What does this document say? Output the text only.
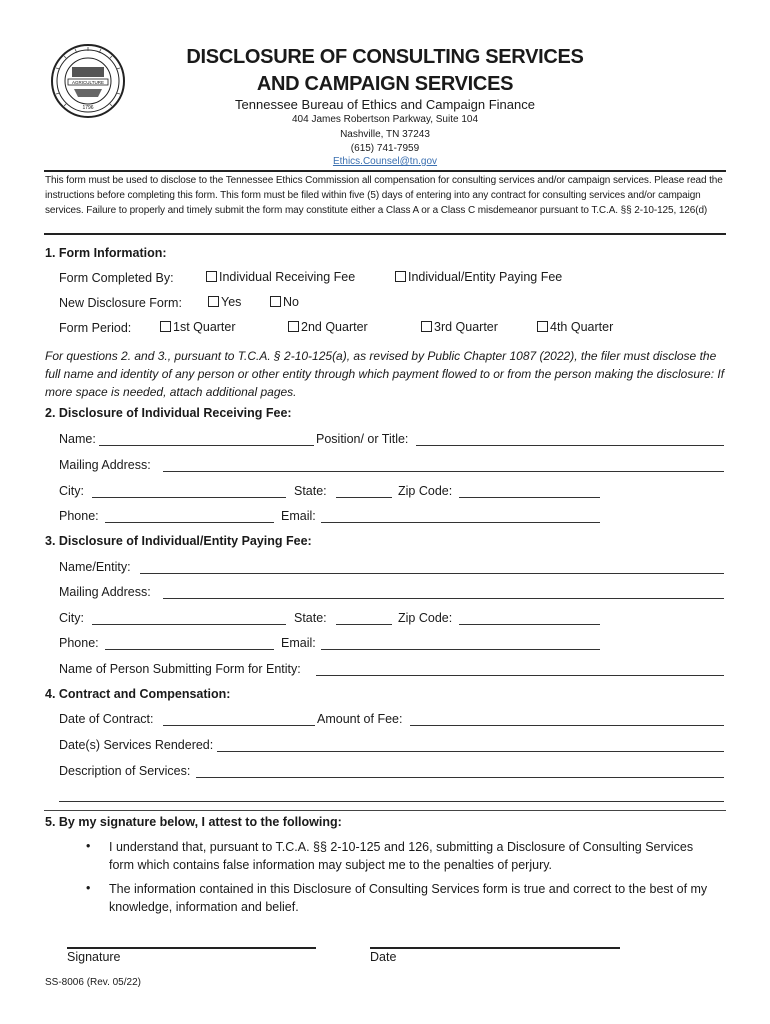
AGRICULTURE
1796
DISCLOSURE OF CONSULTING SERVICES
AND CAMPAIGN SERVICES
Tennessee Bureau of Ethics and Campaign Finance
404 James Robertson Parkway, Suite 104
Nashville, TN 37243
(615) 741-7959
Ethics.Counsel@tn.gov
This form must be used to disclose to the Tennessee Ethics Commission all compensation for consulting services and/or campaign services. Please read the instructions before completing this form. This form must be filed within five (5) days of entering into any contract for consulting services and/or campaign services. Failure to properly and timely submit the form may constitute either a Class A or a Class C misdemeanor pursuant to T.C.A. §§ 2-10-125, 126(d)
1. Form Information:
Form Completed By:	Individual Receiving Fee	Individual/Entity Paying Fee
New Disclosure Form:	Yes	No
Form Period:	1st Quarter	2nd Quarter	3rd Quarter	4th Quarter
For questions 2. and 3., pursuant to T.C.A. § 2-10-125(a), as revised by Public Chapter 1087 (2022), the filer must disclose the full name and identity of any person or other entity through which payment flowed to or from the person making the disclosure: If more space is needed, attach additional pages.
2. Disclosure of Individual Receiving Fee:
Name:	Position/ or Title:
Mailing Address:
City:	State:	Zip Code:
Phone:	Email:
3. Disclosure of Individual/Entity Paying Fee:
Name/Entity:
Mailing Address:
City:	State:	Zip Code:
Phone:	Email:
Name of Person Submitting Form for Entity:
4. Contract and Compensation:
Date of Contract:	Amount of Fee:
Date(s) Services Rendered:
Description of Services:
5. By my signature below, I attest to the following:
• I understand that, pursuant to T.C.A. §§ 2-10-125 and 126, submitting a Disclosure of Consulting Services form which contains false information may subject me to the penalties of perjury.
• The information contained in this Disclosure of Consulting Services form is true and correct to the best of my knowledge, information and belief.
Signature	Date
SS-8006 (Rev. 05/22)
